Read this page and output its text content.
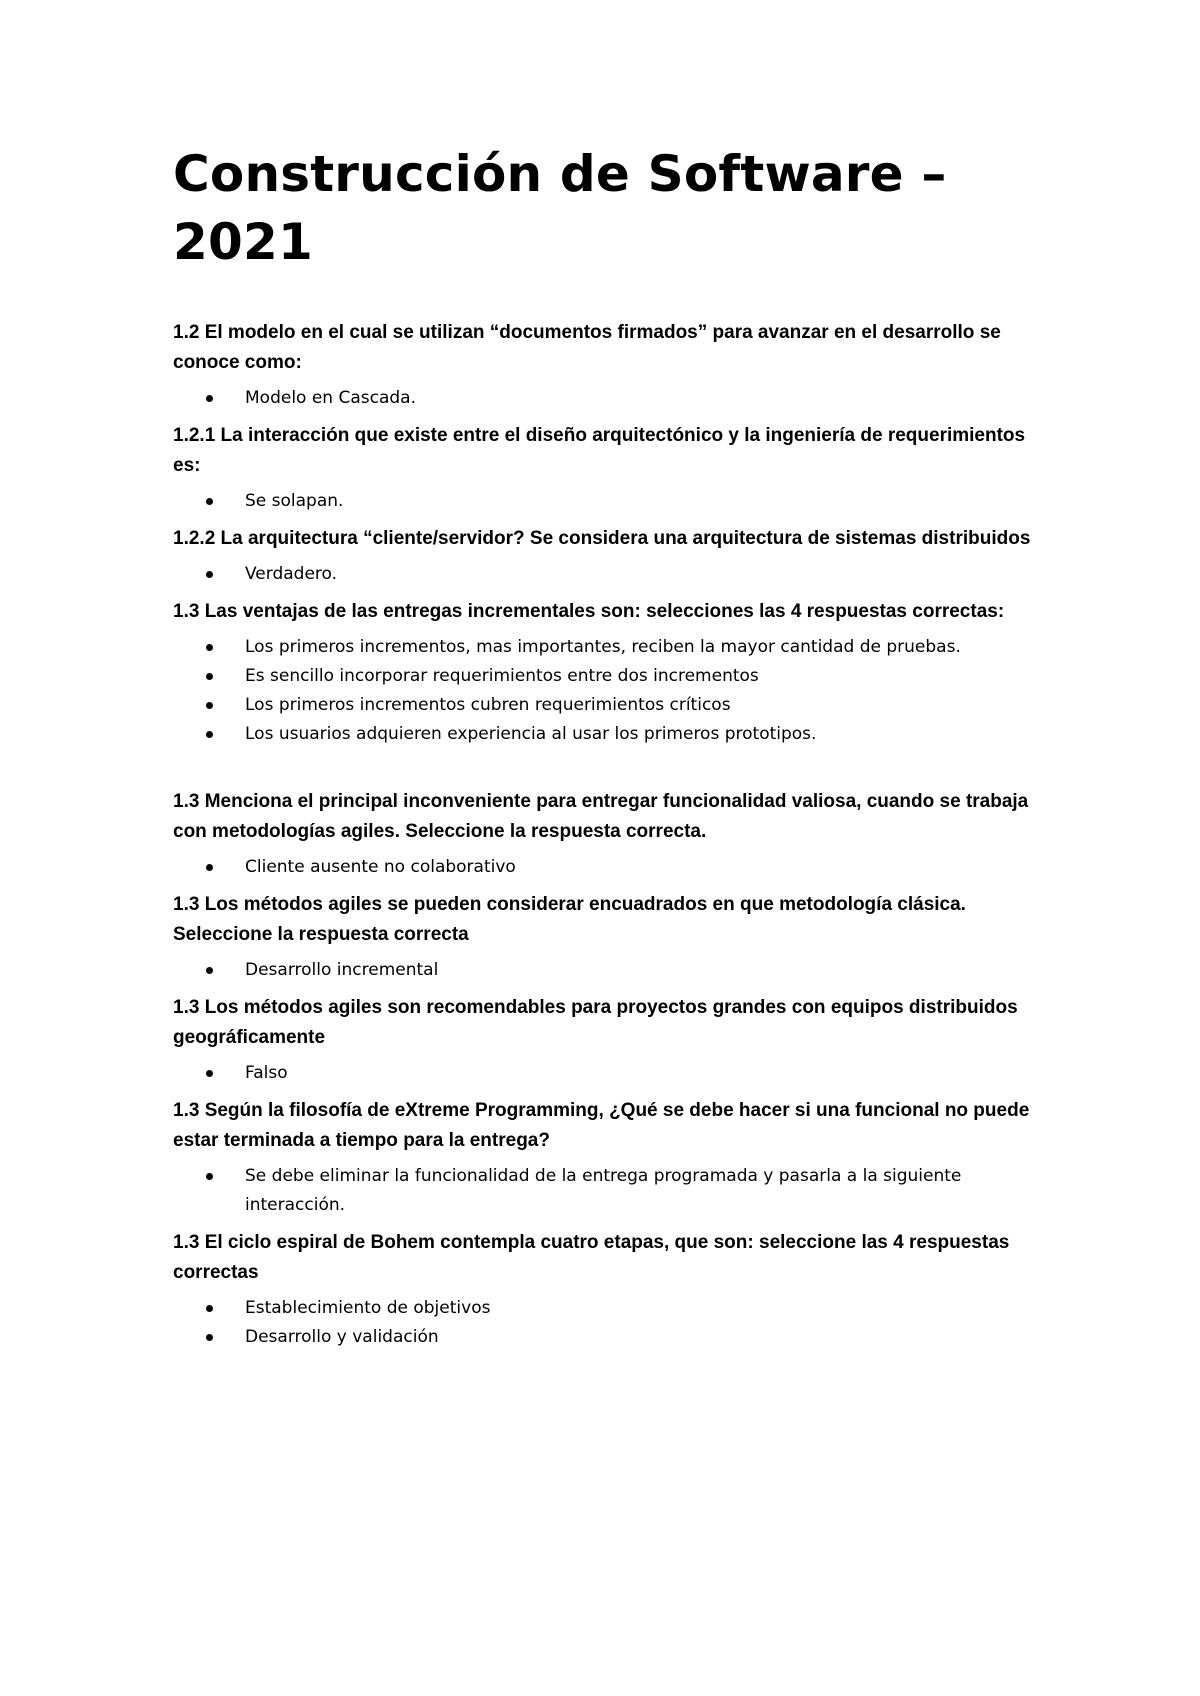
Construcción de Software –
2021

1.2 El modelo en el cual se utilizan “documentos firmados” para avanzar en el desarrollo se conoce como:

Modelo en Cascada.

1.2.1 La interacción que existe entre el diseño arquitectónico y la ingeniería de requerimientos es:

Se solapan.

1.2.2 La arquitectura “cliente/servidor? Se considera una arquitectura de sistemas distribuidos

Verdadero.

1.3 Las ventajas de las entregas incrementales son: selecciones las 4 respuestas correctas:

Los primeros incrementos, mas importantes, reciben la mayor cantidad de pruebas.
Es sencillo incorporar requerimientos entre dos incrementos
Los primeros incrementos cubren requerimientos críticos
Los usuarios adquieren experiencia al usar los primeros prototipos.

1.3 Menciona el principal inconveniente para entregar funcionalidad valiosa, cuando se trabaja con metodologías agiles. Seleccione la respuesta correcta.

Cliente ausente no colaborativo

1.3 Los métodos agiles se pueden considerar encuadrados en que metodología clásica. Seleccione la respuesta correcta

Desarrollo incremental

1.3 Los métodos agiles son recomendables para proyectos grandes con equipos distribuidos geográficamente

Falso

1.3 Según la filosofía de eXtreme Programming, ¿Qué se debe hacer si una funcional no puede estar terminada a tiempo para la entrega?

Se debe eliminar la funcionalidad de la entrega programada y pasarla a la siguiente interacción.

1.3 El ciclo espiral de Bohem contempla cuatro etapas, que son: seleccione las 4 respuestas correctas

Establecimiento de objetivos
Desarrollo y validación
